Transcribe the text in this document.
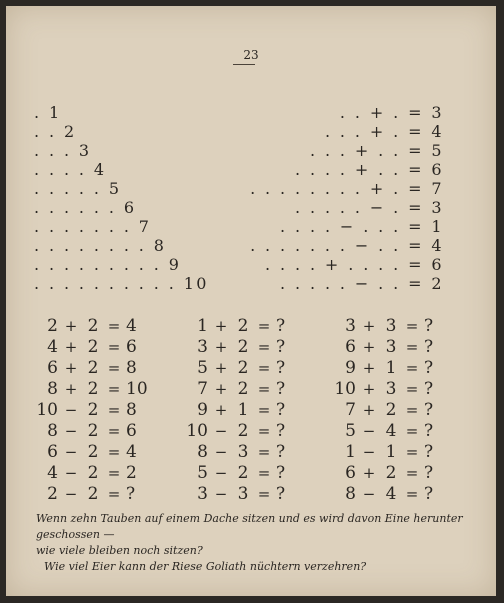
23
. 1
. . 2
. . . 3
. . . . 4
. . . . . 5
. . . . . . 6
. . . . . . . 7
. . . . . . . . 8
. . . . . . . . . 9
. . . . . . . . . . 10
. . + . = 3
. . . + . = 4
. . . + . . = 5
. . . . + . . = 6
. . . . . . . . + . = 7
. . . . . − . = 3
. . . . − . . . = 1
. . . . . . . − . . = 4
. . . . + . . . . = 6
. . . . . − . . = 2
2 + 2 = 4
4 + 2 = 6
6 + 2 = 8
8 + 2 = 10
10 − 2 = 8
8 − 2 = 6
6 − 2 = 4
4 − 2 = 2
2 − 2 = ?
1 + 2 = ?
3 + 2 = ?
5 + 2 = ?
7 + 2 = ?
9 + 1 = ?
10 − 2 = ?
8 − 3 = ?
5 − 2 = ?
3 − 3 = ?
3 + 3 = ?
6 + 3 = ?
9 + 1 = ?
10 + 3 = ?
7 + 2 = ?
5 − 4 = ?
1 − 1 = ?
6 + 2 = ?
8 − 4 = ?
Wenn zehn Tauben auf einem Dache sitzen und es wird davon Eine herunter geschossen —
wie viele bleiben noch sitzen?
Wie viel Eier kann der Riese Goliath nüchtern verzehren?
